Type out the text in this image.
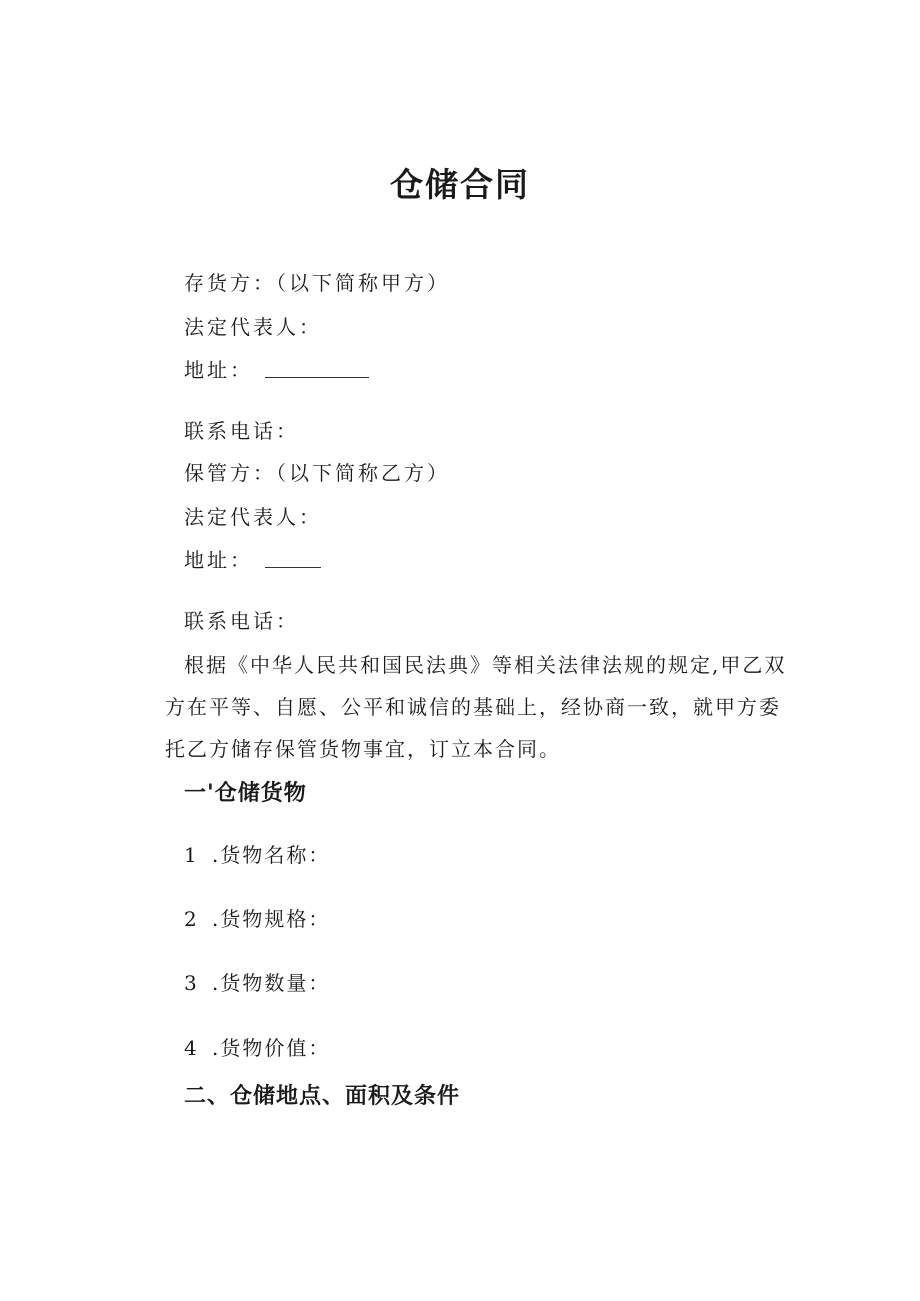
仓储合同
存货方：（以下简称甲方）
法定代表人：
地址：
联系电话：
保管方：（以下简称乙方）
法定代表人：
地址：
联系电话：
根据《中华人民共和国民法典》等相关法律法规的规定,甲乙双方在平等、自愿、公平和诚信的基础上，经协商一致，就甲方委托乙方储存保管货物事宜，订立本合同。
一'仓储货物
1 .货物名称：
2 .货物规格：
3 .货物数量：
4 .货物价值：
二、仓储地点、面积及条件
